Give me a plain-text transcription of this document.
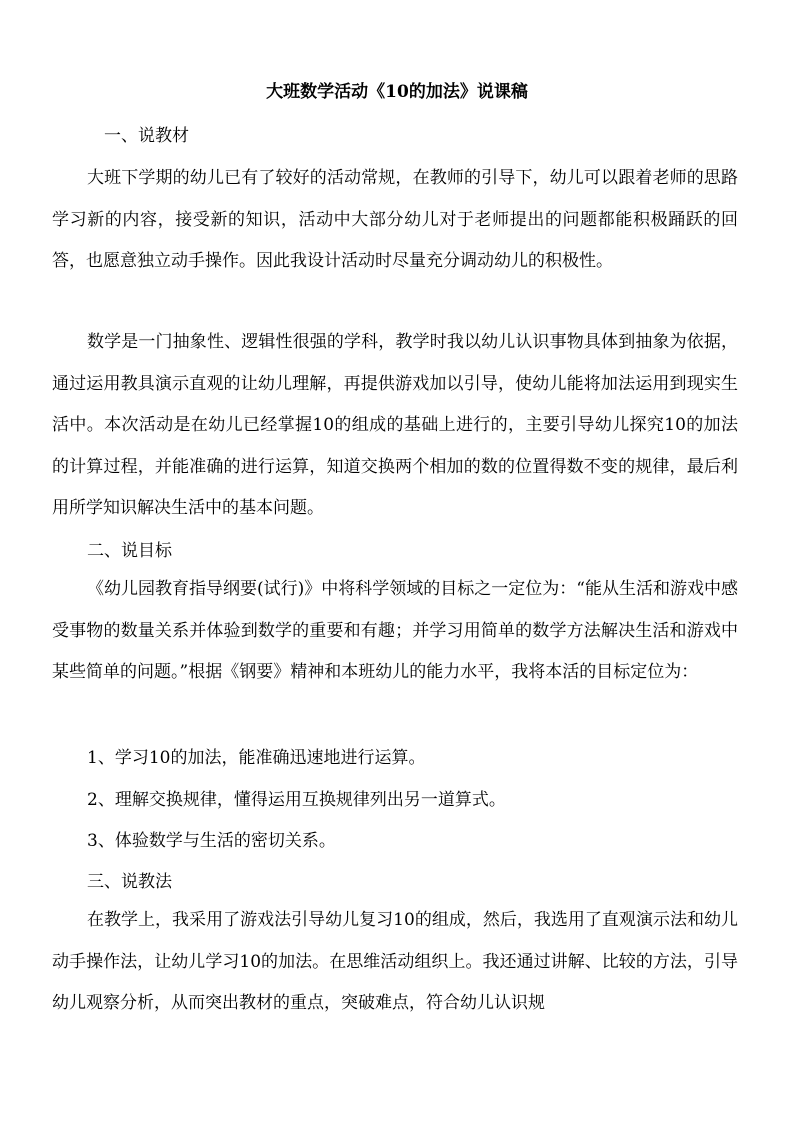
大班数学活动《10的加法》说课稿
一、说教材
大班下学期的幼儿已有了较好的活动常规，在教师的引导下，幼儿可以跟着老师的思路学习新的内容，接受新的知识，活动中大部分幼儿对于老师提出的问题都能积极踊跃的回答，也愿意独立动手操作。因此我设计活动时尽量充分调动幼儿的积极性。
数学是一门抽象性、逻辑性很强的学科，教学时我以幼儿认识事物具体到抽象为依据，通过运用教具演示直观的让幼儿理解，再提供游戏加以引导，使幼儿能将加法运用到现实生活中。本次活动是在幼儿已经掌握10的组成的基础上进行的，主要引导幼儿探究10的加法的计算过程，并能准确的进行运算，知道交换两个相加的数的位置得数不变的规律，最后利用所学知识解决生活中的基本问题。
二、说目标
《幼儿园教育指导纲要(试行)》中将科学领域的目标之一定位为：“能从生活和游戏中感受事物的数量关系并体验到数学的重要和有趣；并学习用简单的数学方法解决生活和游戏中某些简单的问题。”根据《钢要》精神和本班幼儿的能力水平，我将本活的目标定位为：
1、学习10的加法，能准确迅速地进行运算。
2、理解交换规律，懂得运用互换规律列出另一道算式。
3、体验数学与生活的密切关系。
三、说教法
在教学上，我采用了游戏法引导幼儿复习10的组成，然后，我选用了直观演示法和幼儿动手操作法，让幼儿学习10的加法。在思维活动组织上。我还通过讲解、比较的方法，引导幼儿观察分析，从而突出教材的重点，突破难点，符合幼儿认识规
